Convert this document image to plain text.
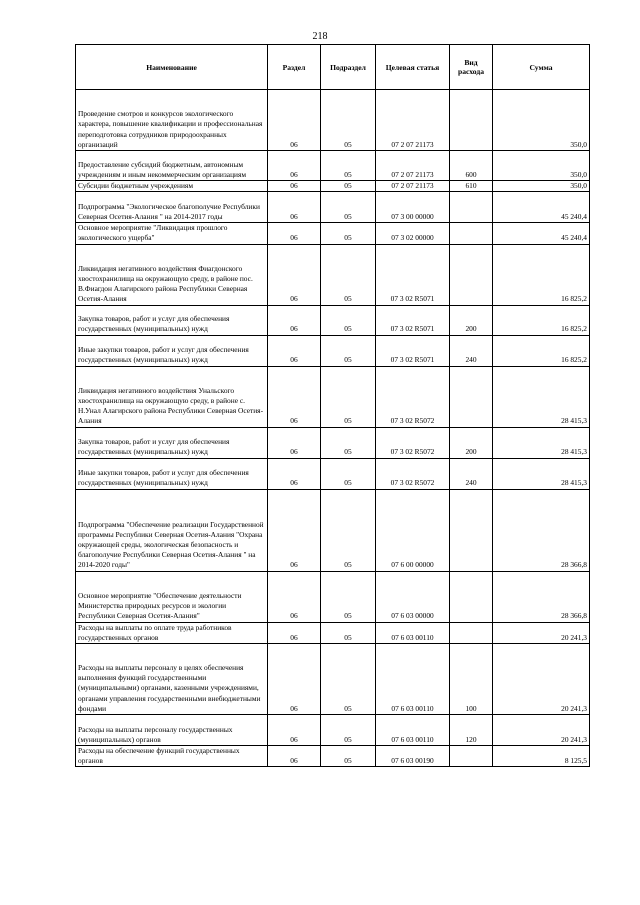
218
Наименование	Раздел	Подраздел	Целевая статья	Вид расхода	Сумма
Проведение смотров и конкурсов экологического характера, повышение квалификации и профессиональная переподготовка сотрудников природоохранных организаций	06	05	07 2 07 21173		350,0
Предоставление субсидий бюджетным, автономным учреждениям и иным некоммерческим организациям	06	05	07 2 07 21173	600	350,0
Субсидии бюджетным учреждениям	06	05	07 2 07 21173	610	350,0
Подпрограмма "Экологическое благополучие Республики Северная Осетия-Алания " на 2014-2017 годы	06	05	07 3 00 00000		45 240,4
Основное мероприятие "Ликвидация прошлого экологического ущерба"	06	05	07 3 02 00000		45 240,4
Ликвидация негативного воздействия Фиагдонского хвостохранилища на окружающую среду, в районе пос. В.Фиагдон Алагирского района Республики Северная Осетия-Алания	06	05	07 3 02 R5071		16 825,2
Закупка товаров, работ и услуг для обеспечения государственных (муниципальных) нужд	06	05	07 3 02 R5071	200	16 825,2
Иные закупки товаров, работ и услуг для обеспечения государственных (муниципальных) нужд	06	05	07 3 02 R5071	240	16 825,2
Ликвидация негативного воздействия Унальского хвостохранилища на окружающую среду, в районе с. Н.Унал Алагирского района Республики Северная Осетия-Алания	06	05	07 3 02 R5072		28 415,3
Закупка товаров, работ и услуг для обеспечения государственных (муниципальных) нужд	06	05	07 3 02 R5072	200	28 415,3
Иные закупки товаров, работ и услуг для обеспечения государственных (муниципальных) нужд	06	05	07 3 02 R5072	240	28 415,3
Подпрограмма "Обеспечение реализации Государственной программы Республики Северная Осетия-Алания "Охрана окружающей среды, экологическая безопасность и благополучие Республики Северная Осетия-Алания " на 2014-2020 годы"	06	05	07 6 00 00000		28 366,8
Основное мероприятие "Обеспечение деятельности Министерства природных ресурсов и экологии Республики Северная Осетия-Алания"	06	05	07 6 03 00000		28 366,8
Расходы на выплаты по оплате труда работников государственных органов	06	05	07 6 03 00110		20 241,3
Расходы на выплаты персоналу в целях обеспечения выполнения функций государственными (муниципальными) органами, казенными учреждениями, органами управления государственными внебюджетными фондами	06	05	07 6 03 00110	100	20 241,3
Расходы на выплаты персоналу государственных (муниципальных) органов	06	05	07 6 03 00110	120	20 241,3
Расходы на обеспечение функций государственных органов	06	05	07 6 03 00190		8 125,5
